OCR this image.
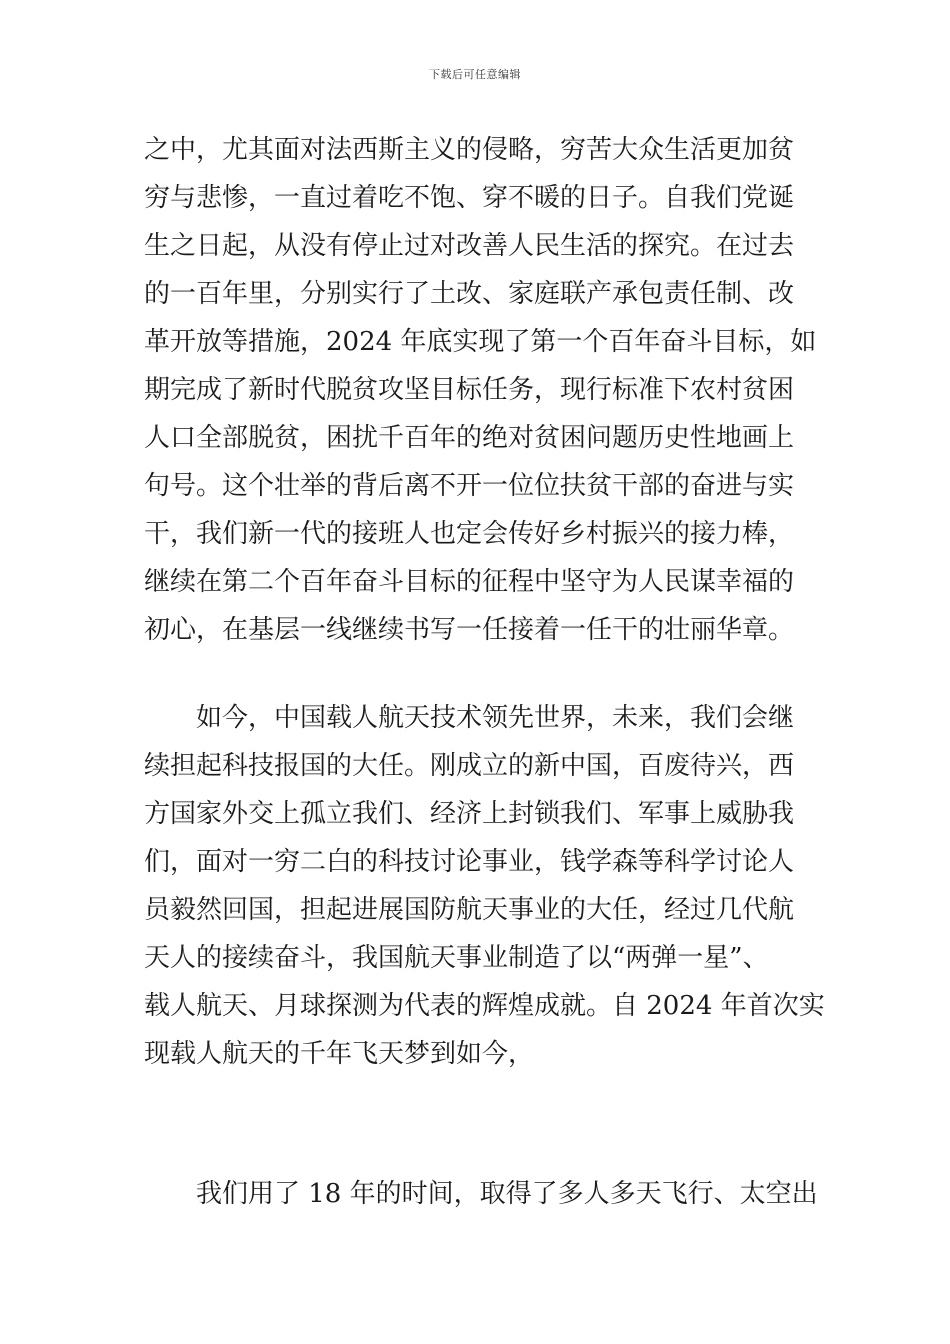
下载后可任意编辑
之中，尤其面对法西斯主义的侵略，穷苦大众生活更加贫
穷与悲惨，一直过着吃不饱、穿不暖的日子。自我们党诞
生之日起，从没有停止过对改善人民生活的探究。在过去
的一百年里，分别实行了土改、家庭联产承包责任制、改
革开放等措施，2024 年底实现了第一个百年奋斗目标，如
期完成了新时代脱贫攻坚目标任务，现行标准下农村贫困
人口全部脱贫，困扰千百年的绝对贫困问题历史性地画上
句号。这个壮举的背后离不开一位位扶贫干部的奋进与实
干，我们新一代的接班人也定会传好乡村振兴的接力棒，
继续在第二个百年奋斗目标的征程中坚守为人民谋幸福的
初心，在基层一线继续书写一任接着一任干的壮丽华章。
如今，中国载人航天技术领先世界，未来，我们会继
续担起科技报国的大任。刚成立的新中国，百废待兴，西
方国家外交上孤立我们、经济上封锁我们、军事上威胁我
们，面对一穷二白的科技讨论事业，钱学森等科学讨论人
员毅然回国，担起进展国防航天事业的大任，经过几代航
天人的接续奋斗，我国航天事业制造了以“两弹一星”、
载人航天、月球探测为代表的辉煌成就。自 2024 年首次实
现载人航天的千年飞天梦到如今，
我们用了 18 年的时间，取得了多人多天飞行、太空出
